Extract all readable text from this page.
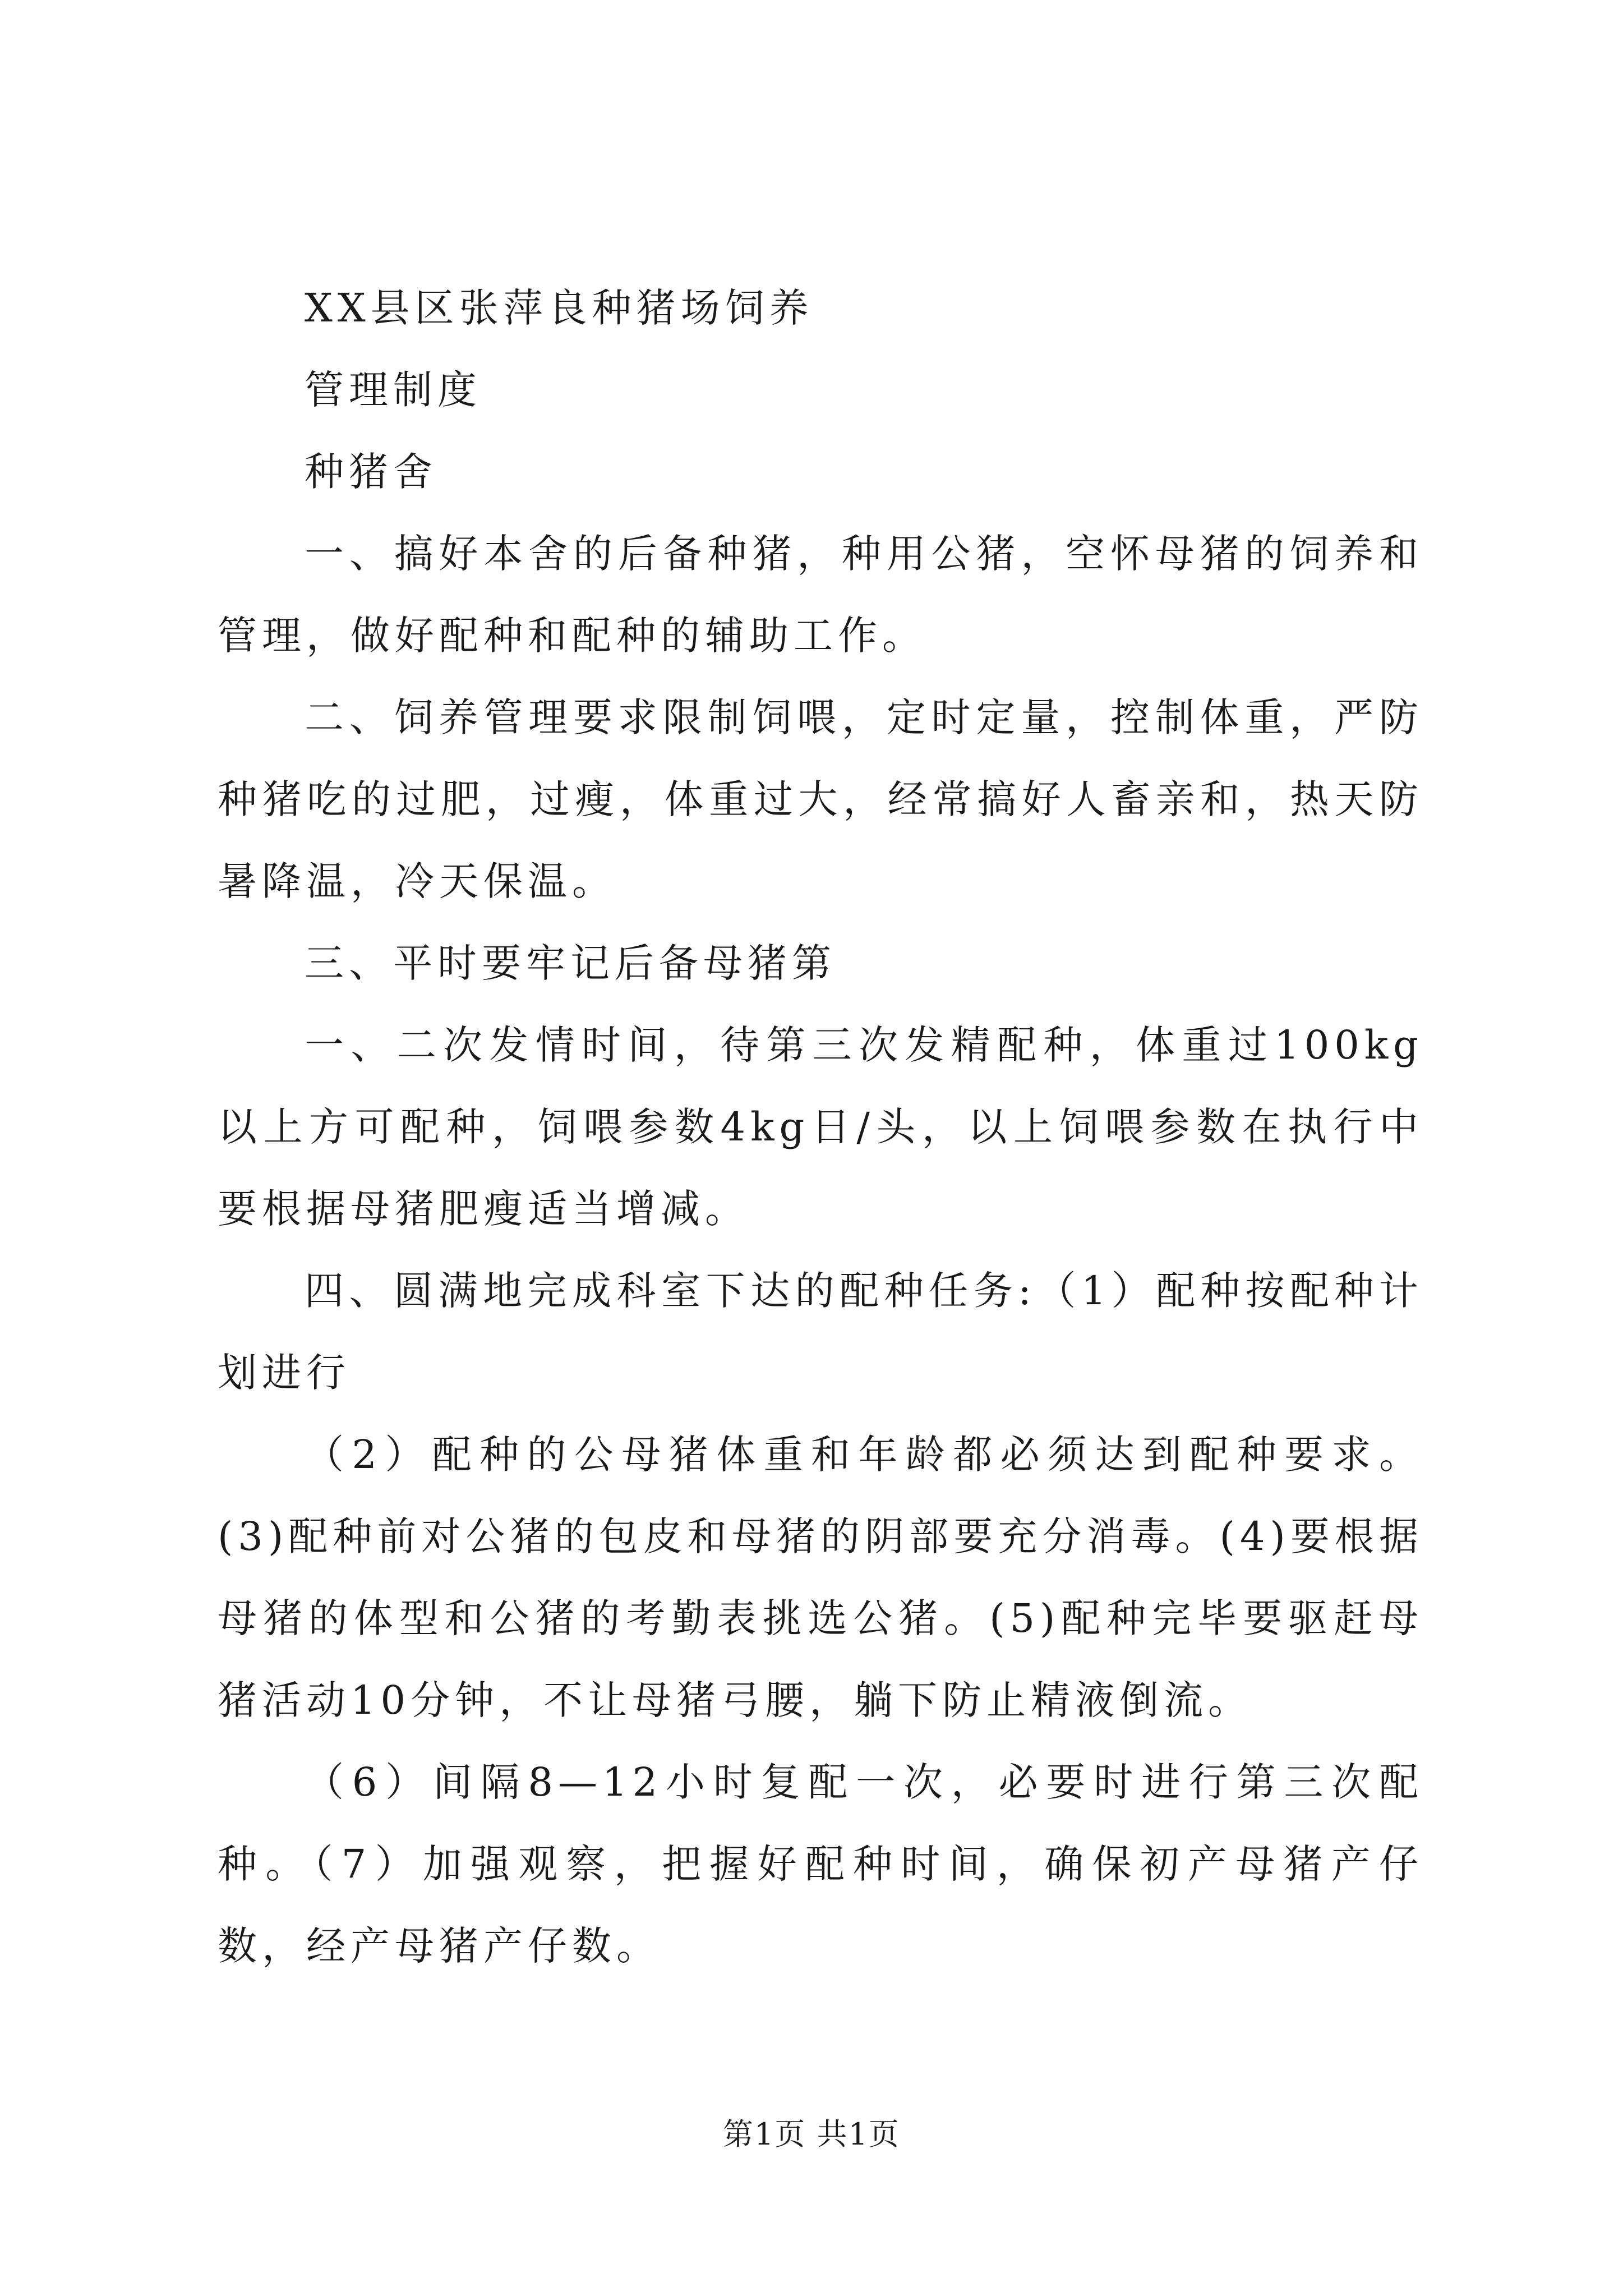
XX县区张萍良种猪场饲养

管理制度

种猪舍

一、搞好本舍的后备种猪，种用公猪，空怀母猪的饲养和管理，做好配种和配种的辅助工作。

二、饲养管理要求限制饲喂，定时定量，控制体重，严防种猪吃的过肥，过瘦，体重过大，经常搞好人畜亲和，热天防暑降温，冷天保温。

三、平时要牢记后备母猪第

一、二次发情时间，待第三次发精配种，体重过100kg以上方可配种，饲喂参数4kg日/头，以上饲喂参数在执行中要根据母猪肥瘦适当增减。

四、圆满地完成科室下达的配种任务:（1）配种按配种计划进行

（2）配种的公母猪体重和年龄都必须达到配种要求。(3)配种前对公猪的包皮和母猪的阴部要充分消毒。(4)要根据母猪的体型和公猪的考勤表挑选公猪。(5)配种完毕要驱赶母猪活动10分钟，不让母猪弓腰，躺下防止精液倒流。

（6）间隔8—12小时复配一次，必要时进行第三次配种。（7）加强观察，把握好配种时间，确保初产母猪产仔数，经产母猪产仔数。

第1页 共1页
